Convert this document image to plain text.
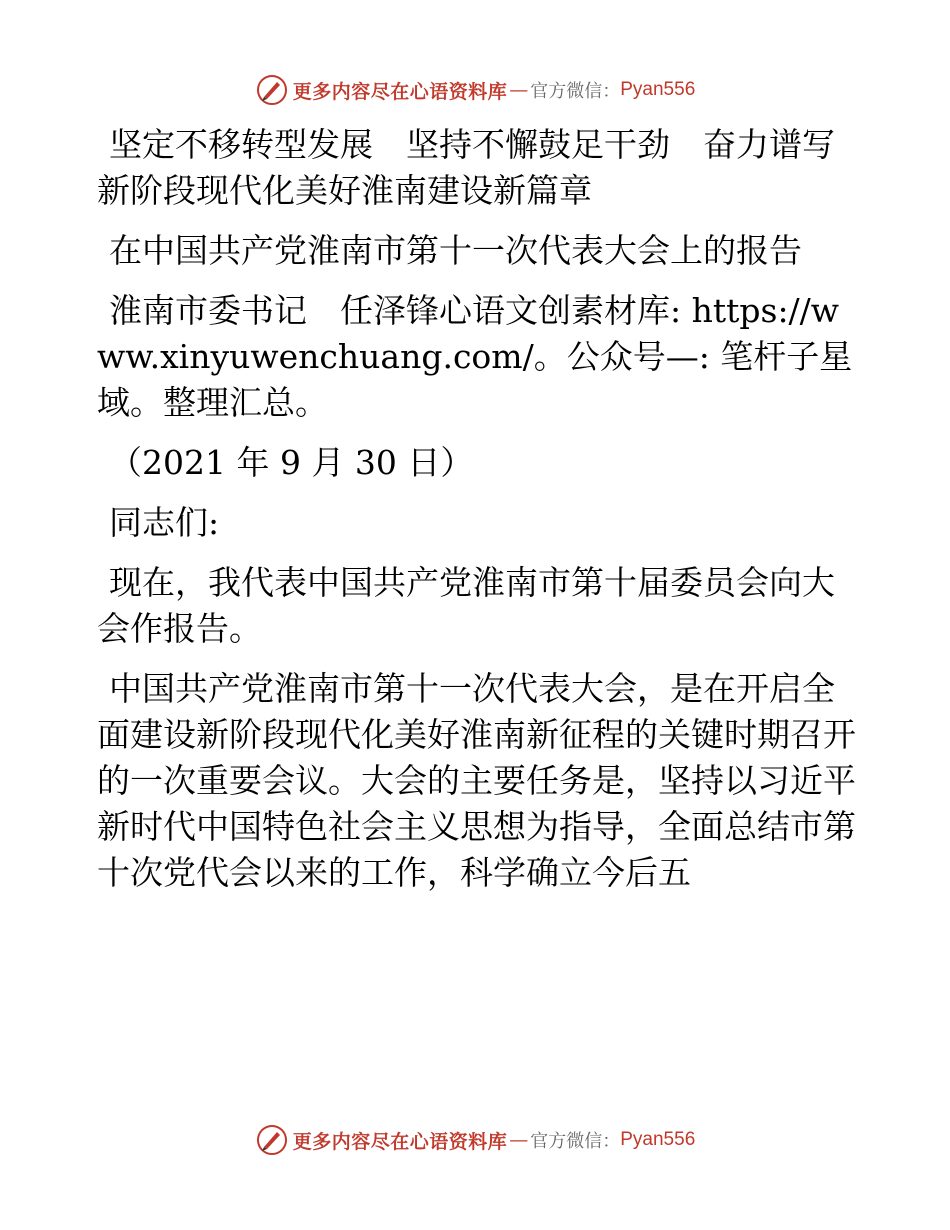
更多内容尽在心语资料库 — 官方微信： Pyan556

坚定不移转型发展　坚持不懈鼓足干劲　奋力谱写新阶段现代化美好淮南建设新篇章

在中国共产党淮南市第十一次代表大会上的报告

淮南市委书记　任泽锋心语文创素材库: https://www.xinyuwenchuang.com/。公众号—: 笔杆子星域。整理汇总。

（2021 年 9 月 30 日）

同志们:

现在，我代表中国共产党淮南市第十届委员会向大会作报告。

中国共产党淮南市第十一次代表大会，是在开启全面建设新阶段现代化美好淮南新征程的关键时期召开的一次重要会议。大会的主要任务是，坚持以习近平新时代中国特色社会主义思想为指导，全面总结市第十次党代会以来的工作，科学确立今后五

更多内容尽在心语资料库 — 官方微信： Pyan556
